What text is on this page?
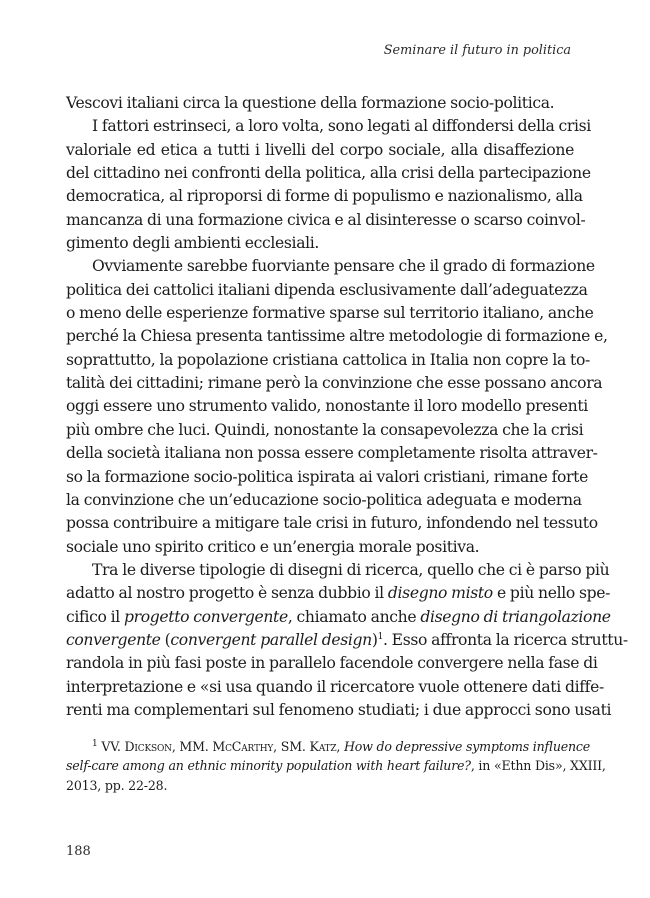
Seminare il futuro in politica
Vescovi italiani circa la questione della formazione socio-politica.
I fattori estrinseci, a loro volta, sono legati al diffondersi della crisi
valoriale ed etica a tutti i livelli del corpo sociale, alla disaffezione
del cittadino nei confronti della politica, alla crisi della partecipazione
democratica, al riproporsi di forme di populismo e nazionalismo, alla
mancanza di una formazione civica e al disinteresse o scarso coinvol-
gimento degli ambienti ecclesiali.
Ovviamente sarebbe fuorviante pensare che il grado di formazione
politica dei cattolici italiani dipenda esclusivamente dall’adeguatezza
o meno delle esperienze formative sparse sul territorio italiano, anche
perché la Chiesa presenta tantissime altre metodologie di formazione e,
soprattutto, la popolazione cristiana cattolica in Italia non copre la to-
talità dei cittadini; rimane però la convinzione che esse possano ancora
oggi essere uno strumento valido, nonostante il loro modello presenti
più ombre che luci. Quindi, nonostante la consapevolezza che la crisi
della società italiana non possa essere completamente risolta attraver-
so la formazione socio-politica ispirata ai valori cristiani, rimane forte
la convinzione che un’educazione socio-politica adeguata e moderna
possa contribuire a mitigare tale crisi in futuro, infondendo nel tessuto
sociale uno spirito critico e un’energia morale positiva.
Tra le diverse tipologie di disegni di ricerca, quello che ci è parso più
adatto al nostro progetto è senza dubbio il disegno misto e più nello spe-
cifico il progetto convergente, chiamato anche disegno di triangolazione
convergente (convergent parallel design)$^1$. Esso affronta la ricerca struttu-
randola in più fasi poste in parallelo facendole convergere nella fase di
interpretazione e «si usa quando il ricercatore vuole ottenere dati diffe-
renti ma complementari sul fenomeno studiati; i due approcci sono usati
$^1$ VV. Dickson, MM. McCarthy, SM. Katz, How do depressive symptoms influence
self-care among an ethnic minority population with heart failure?, in «Ethn Dis», XXIII,
2013, pp. 22-28.
188
